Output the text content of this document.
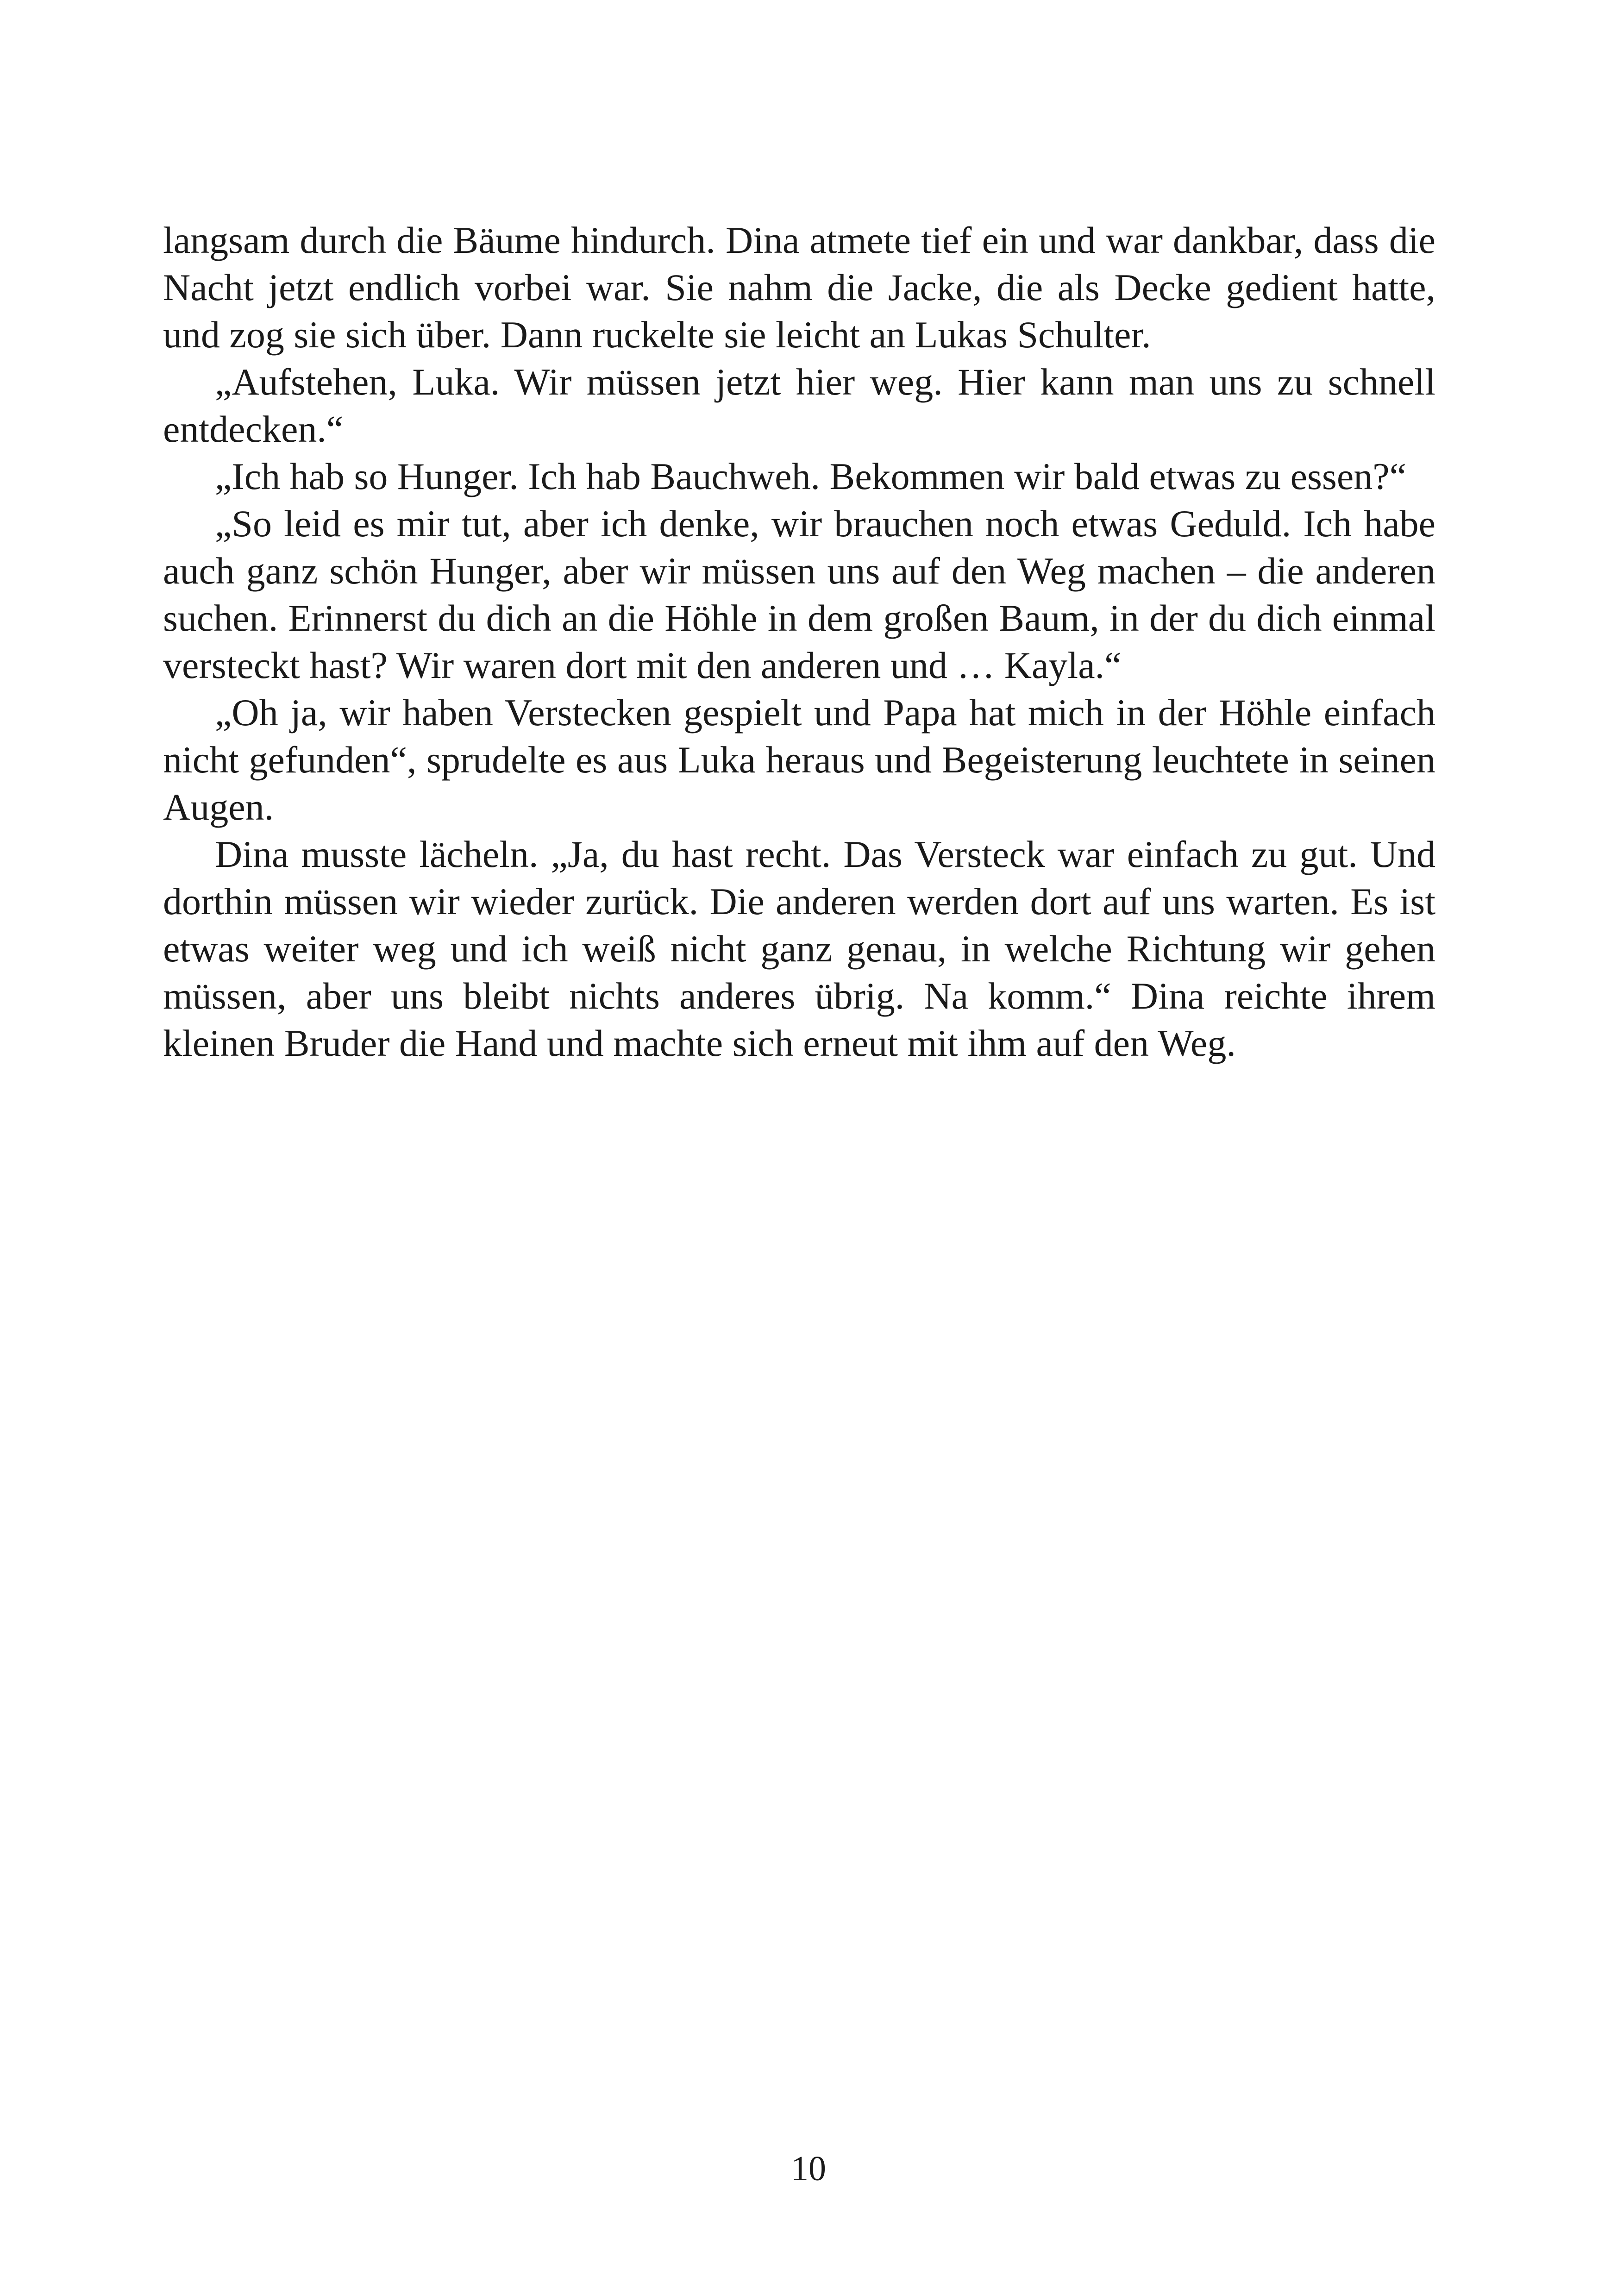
langsam durch die Bäume hindurch. Dina atmete tief ein und war dankbar, dass die Nacht jetzt endlich vorbei war. Sie nahm die Jacke, die als Decke gedient hatte, und zog sie sich über. Dann ruckelte sie leicht an Lukas Schulter.

„Aufstehen, Luka. Wir müssen jetzt hier weg. Hier kann man uns zu schnell entdecken.“

„Ich hab so Hunger. Ich hab Bauchweh. Bekommen wir bald etwas zu essen?“

„So leid es mir tut, aber ich denke, wir brauchen noch etwas Geduld. Ich habe auch ganz schön Hunger, aber wir müssen uns auf den Weg machen – die anderen suchen. Erinnerst du dich an die Höhle in dem großen Baum, in der du dich einmal versteckt hast? Wir waren dort mit den anderen und … Kayla.“

„Oh ja, wir haben Verstecken gespielt und Papa hat mich in der Höhle einfach nicht gefunden“, sprudelte es aus Luka heraus und Begeisterung leuchtete in seinen Augen.

Dina musste lächeln. „Ja, du hast recht. Das Versteck war einfach zu gut. Und dorthin müssen wir wieder zurück. Die anderen werden dort auf uns warten. Es ist etwas weiter weg und ich weiß nicht ganz genau, in welche Richtung wir gehen müssen, aber uns bleibt nichts anderes übrig. Na komm.“ Dina reichte ihrem kleinen Bruder die Hand und machte sich erneut mit ihm auf den Weg.

10
